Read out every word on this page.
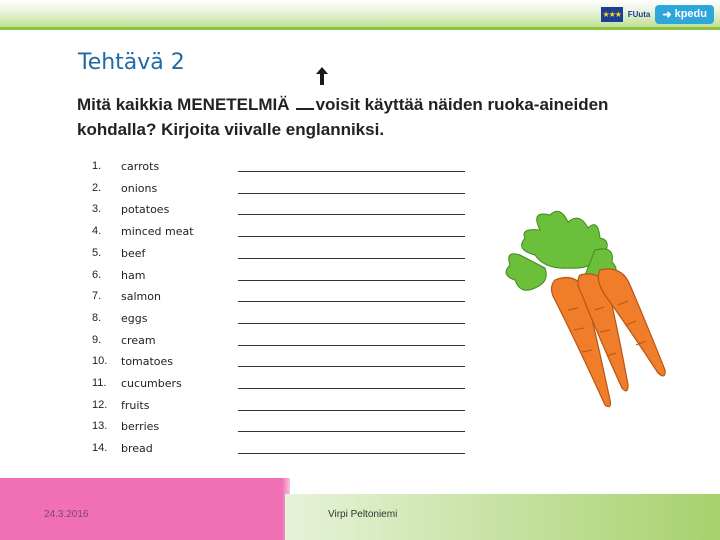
★★★ FUuta ➜ kpedu
Tehtävä 2
Mitä kaikkia MENETELMIÄ voisit käyttää näiden ruoka-aineiden
kohdalla? Kirjoita viivalle englanniksi.
1. carrots
2. onions
3. potatoes
4. minced meat
5. beef
6. ham
7. salmon
8. eggs
9. cream
10. tomatoes
11. cucumbers
12. fruits
13. berries
14. bread
24.3.2016	Virpi Peltoniemi
